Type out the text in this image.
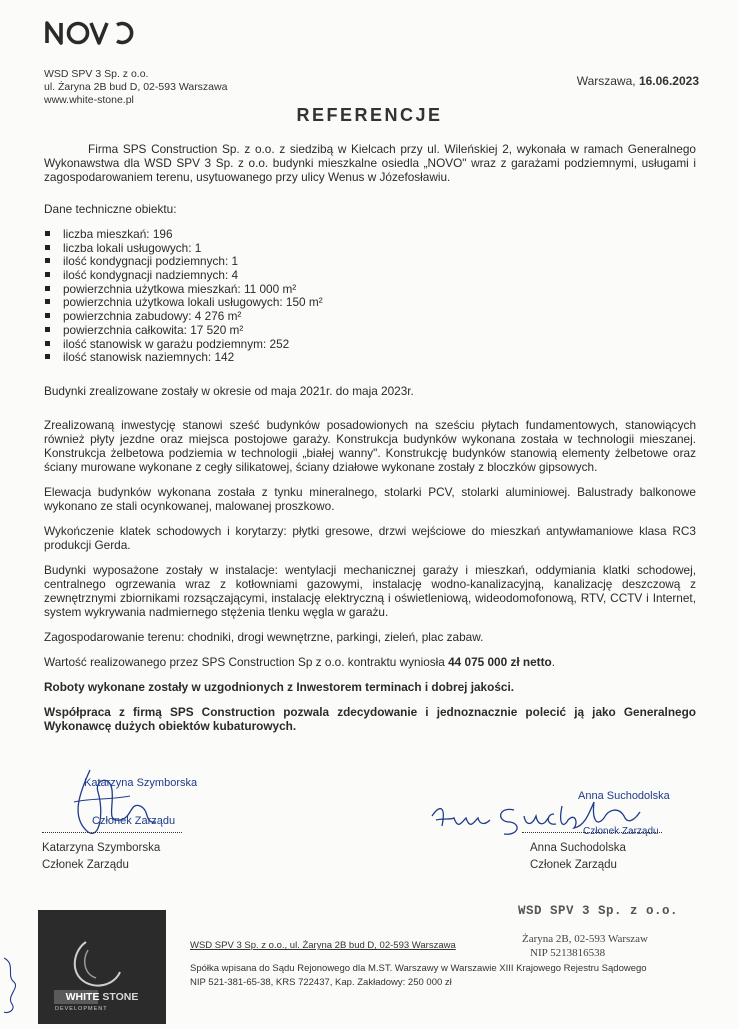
WSD SPV 3 Sp. z o.o.
ul. Żaryna 2B bud D, 02-593 Warszawa
www.white-stone.pl
Warszawa, 16.06.2023
REFERENCJE

Firma SPS Construction Sp. z o.o. z siedzibą w Kielcach przy ul. Wileńskiej 2, wykonała w ramach Generalnego Wykonawstwa dla WSD SPV 3 Sp. z o.o. budynki mieszkalne osiedla „NOVO" wraz z garażami podziemnymi, usługami i zagospodarowaniem terenu, usytuowanego przy ulicy Wenus w Józefosławiu.

Dane techniczne obiektu:

liczba mieszkań: 196
liczba lokali usługowych: 1
ilość kondygnacji podziemnych: 1
ilość kondygnacji nadziemnych: 4
powierzchnia użytkowa mieszkań: 11 000 m²
powierzchnia użytkowa lokali usługowych: 150 m²
powierzchnia zabudowy: 4 276 m²
powierzchnia całkowita: 17 520 m²
ilość stanowisk w garażu podziemnym: 252
ilość stanowisk naziemnych: 142

Budynki zrealizowane zostały w okresie od maja 2021r. do maja 2023r.

Zrealizowaną inwestycję stanowi sześć budynków posadowionych na sześciu płytach fundamentowych, stanowiących również płyty jezdne oraz miejsca postojowe garaży. Konstrukcja budynków wykonana została w technologii mieszanej. Konstrukcja żelbetowa podziemia w technologii „białej wanny". Konstrukcję budynków stanowią elementy żelbetowe oraz ściany murowane wykonane z cegły silikatowej, ściany działowe wykonane zostały z bloczków gipsowych.

Elewacja budynków wykonana została z tynku mineralnego, stolarki PCV, stolarki aluminiowej. Balustrady balkonowe wykonano ze stali ocynkowanej, malowanej proszkowo.

Wykończenie klatek schodowych i korytarzy: płytki gresowe, drzwi wejściowe do mieszkań antywłamaniowe klasa RC3 produkcji Gerda.

Budynki wyposażone zostały w instalacje: wentylacji mechanicznej garaży i mieszkań, oddymiania klatki schodowej, centralnego ogrzewania wraz z kotłowniami gazowymi, instalację wodno-kanalizacyjną, kanalizację deszczową z zewnętrznymi zbiornikami rozsączającymi, instalację elektryczną i oświetleniową, wideodomofonową, RTV, CCTV i Internet, system wykrywania nadmiernego stężenia tlenku węgla w garażu.

Zagospodarowanie terenu: chodniki, drogi wewnętrzne, parkingi, zieleń, plac zabaw.

Wartość realizowanego przez SPS Construction Sp z o.o. kontraktu wyniosła 44 075 000 zł netto.

Roboty wykonane zostały w uzgodnionych z Inwestorem terminach i dobrej jakości.

Współpraca z firmą SPS Construction pozwala zdecydowanie i jednoznacznie polecić ją jako Generalnego Wykonawcę dużych obiektów kubaturowych.

Katarzyna Szymborska
Członek Zarządu
Katarzyna Szymborska
Członek Zarządu
Anna Suchodolska
Członek Zarządu
Anna Suchodolska
Członek Zarządu
WHITE STONE
DEVELOPMENT
WSD SPV 3 Sp. z o.o., ul. Żaryna 2B bud D, 02-593 Warszawa
Spółka wpisana do Sądu Rejonowego dla M.ST. Warszawy w Warszawie XIII Krajowego Rejestru Sądowego
NIP 521-381-65-38, KRS 722437, Kap. Zakładowy: 250 000 zł
WSD SPV 3 Sp. z o.o.
Żaryna 2B, 02-593 Warszaw
NIP 5213816538
